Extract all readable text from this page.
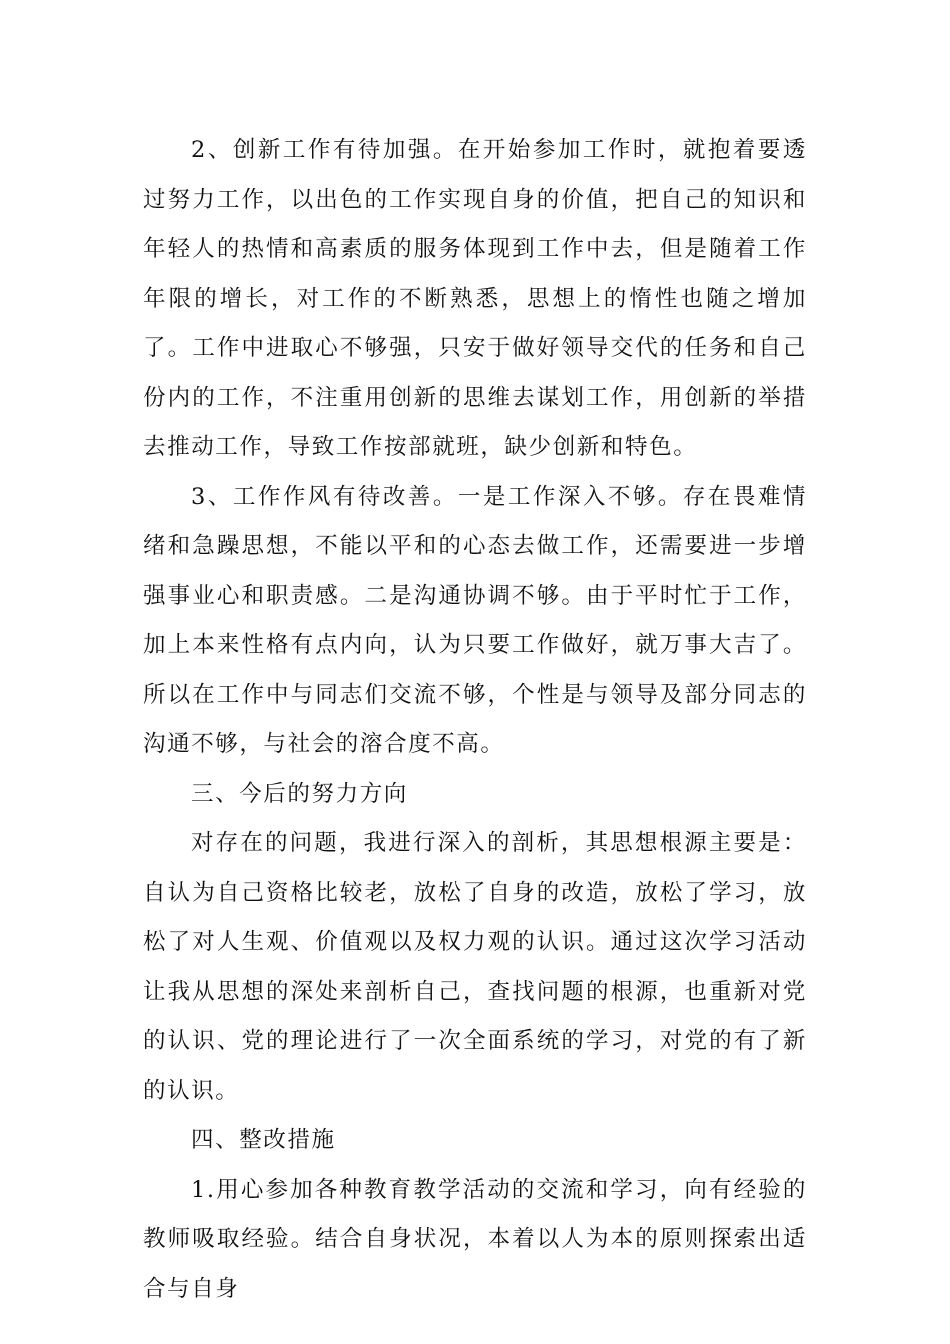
2、创新工作有待加强。在开始参加工作时，就抱着要透过努力工作，以出色的工作实现自身的价值，把自己的知识和年轻人的热情和高素质的服务体现到工作中去，但是随着工作年限的增长，对工作的不断熟悉，思想上的惰性也随之增加了。工作中进取心不够强，只安于做好领导交代的任务和自己份内的工作，不注重用创新的思维去谋划工作，用创新的举措去推动工作，导致工作按部就班，缺少创新和特色。

3、工作作风有待改善。一是工作深入不够。存在畏难情绪和急躁思想，不能以平和的心态去做工作，还需要进一步增强事业心和职责感。二是沟通协调不够。由于平时忙于工作，加上本来性格有点内向，认为只要工作做好，就万事大吉了。所以在工作中与同志们交流不够，个性是与领导及部分同志的沟通不够，与社会的溶合度不高。

三、今后的努力方向

对存在的问题，我进行深入的剖析，其思想根源主要是：自认为自己资格比较老，放松了自身的改造，放松了学习，放松了对人生观、价值观以及权力观的认识。通过这次学习活动让我从思想的深处来剖析自己，查找问题的根源，也重新对党的认识、党的理论进行了一次全面系统的学习，对党的有了新的认识。

四、整改措施

1.用心参加各种教育教学活动的交流和学习，向有经验的教师吸取经验。结合自身状况，本着以人为本的原则探索出适合与自身
